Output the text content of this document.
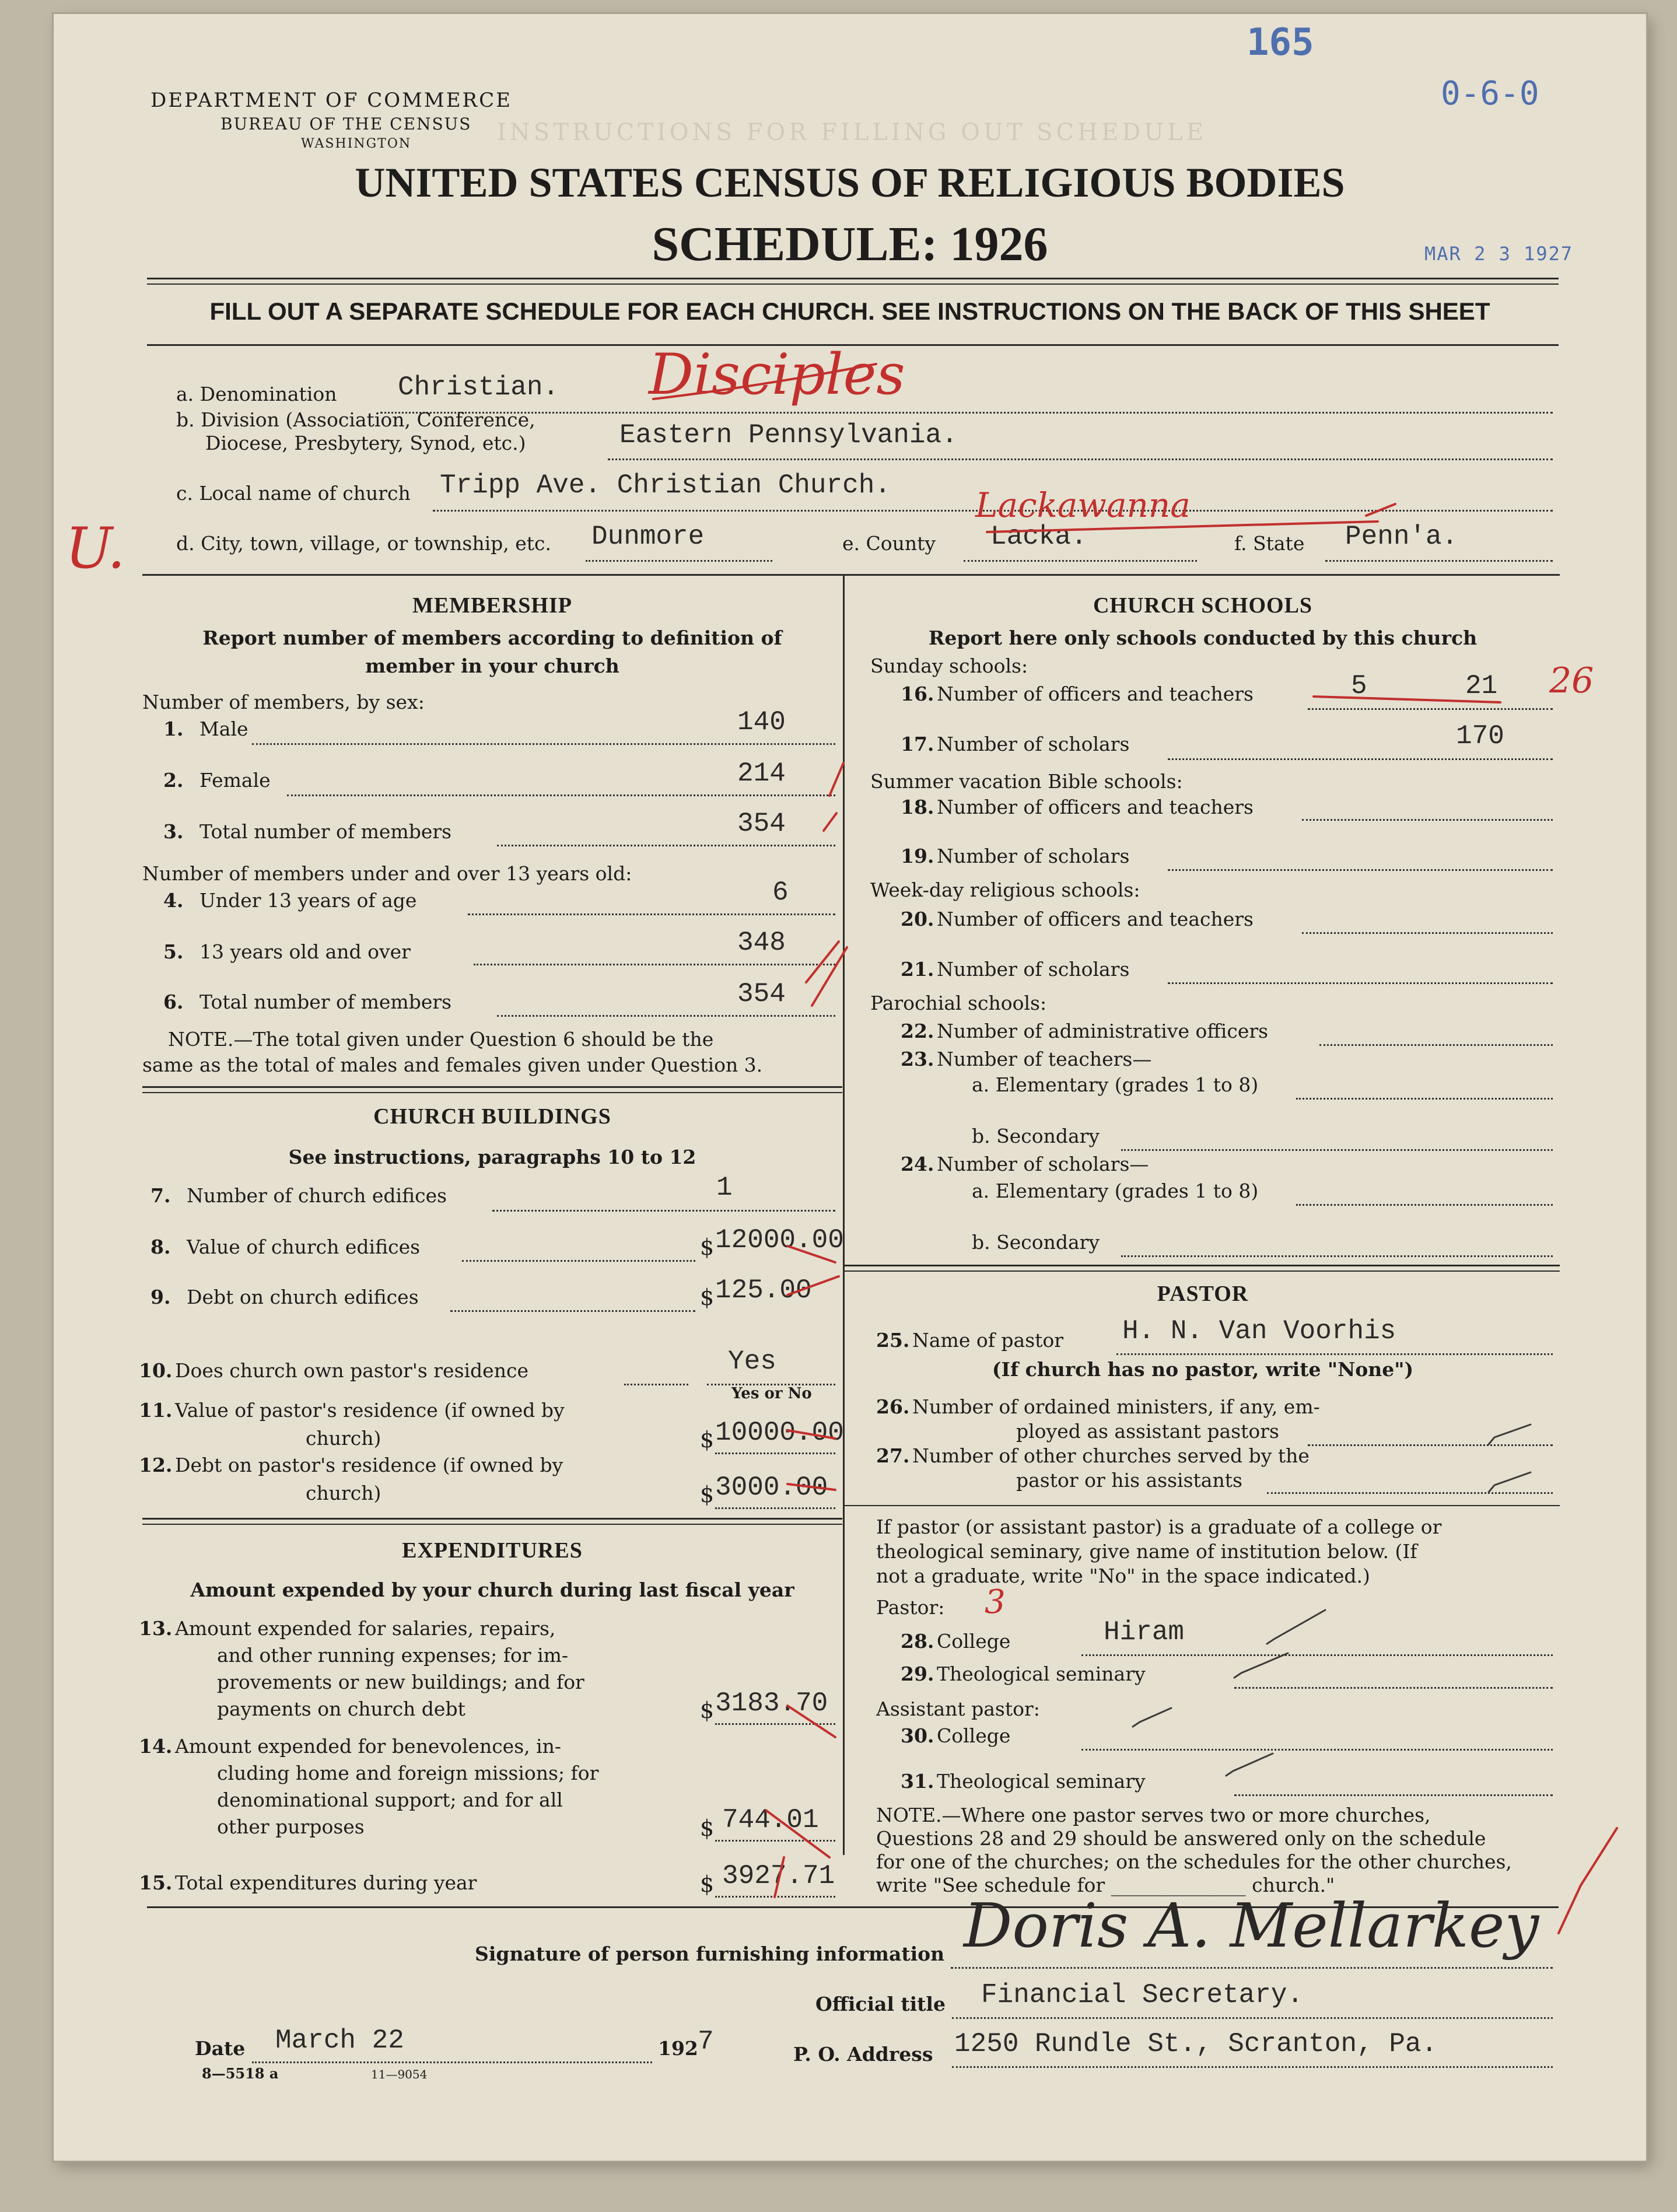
INSTRUCTIONS FOR FILLING OUT SCHEDULE
165
0-6-0
MAR 2 3 1927
DEPARTMENT OF COMMERCE
BUREAU OF THE CENSUS
WASHINGTON
UNITED STATES CENSUS OF RELIGIOUS BODIES
SCHEDULE: 1926
FILL OUT A SEPARATE SCHEDULE FOR EACH CHURCH. SEE INSTRUCTIONS ON THE BACK OF THIS SHEET
a. Denomination Christian. Disciples
b. Division (Association, Conference,
Diocese, Presbytery, Synod, etc.)	Eastern Pennsylvania.
c. Local name of church Tripp Ave. Christian Church.
U.	d. City, town, village, or township, etc. Dunmore	e. County Lacka.
Lackawanna
f. State Penn'a.
MEMBERSHIP
Report number of members according to definition of
member in your church
Number of members, by sex:
1. Male	140
2. Female	214
3. Total number of members	354
Number of members under and over 13 years old:
4. Under 13 years of age	6
5. 13 years old and over	348
6. Total number of members	354
NOTE.—The total given under Question 6 should be the
same as the total of males and females given under Question 3.
CHURCH BUILDINGS
See instructions, paragraphs 10 to 12
7. Number of church edifices	1
8. Value of church edifices	$ 12000.00
9. Debt on church edifices	$ 125.00
10. Does church own pastor's residence	Yes
Yes or No
11. Value of pastor's residence (if owned by
church)	$ 10000.00
12. Debt on pastor's residence (if owned by
church)	$ 3000.00
EXPENDITURES
Amount expended by your church during last fiscal year
13. Amount expended for salaries, repairs,
and other running expenses; for im-
provements or new buildings; and for
payments on church debt	$ 3183.70
14. Amount expended for benevolences, in-
cluding home and foreign missions; for
denominational support; and for all
other purposes	$ 744.01
15. Total expenditures during year	$ 3927.71
CHURCH SCHOOLS
Report here only schools conducted by this church
Sunday schools:
16. Number of officers and teachers	5	21 26
17. Number of scholars	170
Summer vacation Bible schools:
18. Number of officers and teachers
19. Number of scholars
Week-day religious schools:
20. Number of officers and teachers
21. Number of scholars
Parochial schools:
22. Number of administrative officers
23. Number of teachers—
a. Elementary (grades 1 to 8)
b. Secondary
24. Number of scholars—
a. Elementary (grades 1 to 8)
b. Secondary
PASTOR
25. Name of pastor H. N. Van Voorhis
(If church has no pastor, write "None")
26. Number of ordained ministers, if any, em-
ployed as assistant pastors
27. Number of other churches served by the
pastor or his assistants
If pastor (or assistant pastor) is a graduate of a college or
theological seminary, give name of institution below. (If
not a graduate, write "No" in the space indicated.)
Pastor: 3
28. College	Hiram
29. Theological seminary
Assistant pastor:
30. College
31. Theological seminary
NOTE.—Where one pastor serves two or more churches,
Questions 28 and 29 should be answered only on the schedule
for one of the churches; on the schedules for the other churches,
write "See schedule for ______________ church."
Signature of person furnishing information Doris A. Mellarkey
Official title Financial Secretary.
Date March 22	192 7	P. O. Address 1250 Rundle St., Scranton, Pa.
8—5518 a	11—9054
